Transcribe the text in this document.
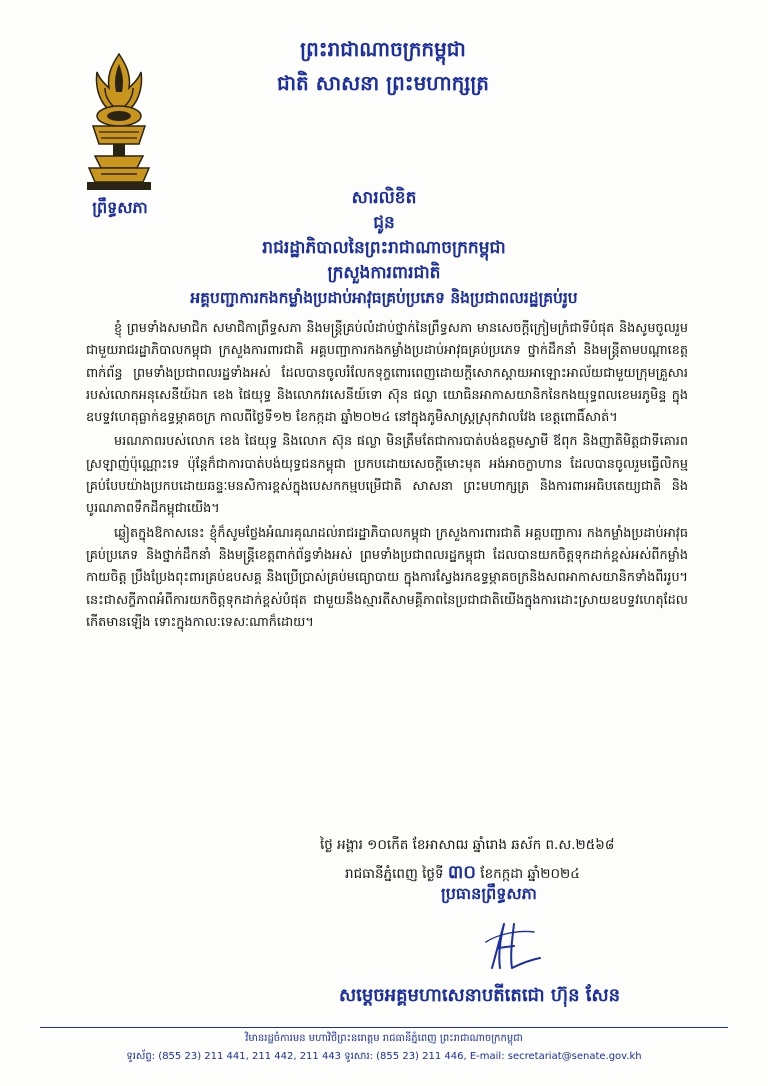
ព្រឹទ្ធសភា
ព្រះរាជាណាចក្រកម្ពុជា
ជាតិ សាសនា ព្រះមហាក្សត្រ
សារលិខិត
ជូន
រាជរដ្ឋាភិបាលនៃព្រះរាជាណាចក្រកម្ពុជា
ក្រសួងការពារជាតិ
អគ្គបញ្ជាការកងកម្លាំងប្រដាប់អាវុធគ្រប់ប្រភេទ និងប្រជាពលរដ្ឋគ្រប់រូប

ខ្ញុំ ព្រមទាំងសមាជិក សមាជិកាព្រឹទ្ធសភា និងមន្ត្រីគ្រប់លំដាប់ថ្នាក់នៃព្រឹទ្ធសភា មានសេចក្តីក្រៀមក្រំជាទីបំផុត និងសូមចូលរួមជាមួយរាជរដ្ឋាភិបាលកម្ពុជា ក្រសួងការពារជាតិ អគ្គបញ្ជាការកងកម្លាំងប្រដាប់អាវុធគ្រប់ប្រភេទ ថ្នាក់ដឹកនាំ និងមន្ត្រីតាមបណ្តាខេត្តពាក់ព័ន្ធ ព្រមទាំងប្រជាពលរដ្ឋទាំងអស់ ដែលបានចូលរំលែកទុក្ខពោរពេញដោយក្តីសោកស្តាយអាឡោះអាល័យជាមួយក្រុមគ្រួសាររបស់លោកអនុសេនីយ៍ឯក ខេង ផៃយុទ្ធ និងលោកវរសេនីយ៍ទោ ស៊ុន ផល្លា យោធិនអាកាសយានិកនៃកងយុទ្ធពលខេមរភូមិន្ទ ក្នុងឧបទ្ទវហេតុធ្លាក់ឧទ្ធម្ភាគចក្រ កាលពីថ្ងៃទី១២ ខែកក្កដា ឆ្នាំ២០២៤ នៅក្នុងភូមិសាស្រ្តស្រុកវាលវែង ខេត្តពោធិ៍សាត់។

មរណភាពរបស់លោក ខេង ផៃយុទ្ធ និងលោក ស៊ុន ផល្លា មិនត្រឹមតែជាការបាត់បង់ឧត្តមស្វាមី ឪពុក និងញាតិមិត្តជាទីគោរពស្រឡាញ់ប៉ុណ្ណោះទេ ប៉ុន្តែក៏ជាការបាត់បង់យុទ្ធជនកម្ពុជា ប្រកបដោយសេចក្តីមោះមុត អង់អាចក្លាហាន ដែលបានចូលរួមធ្វើលិកម្មគ្រប់បែបយ៉ាងប្រកបដោយឆន្ទៈមនសិការខ្ពស់ក្នុងបេសកកម្មបម្រើជាតិ សាសនា ព្រះមហាក្សត្រ និងការពារអធិបតេយ្យជាតិ និងបូរណភាពទឹកដីកម្ពុជាយើង។

ឆ្លៀតក្នុងឱកាសនេះ ខ្ញុំក៏សូមថ្លែងអំណរគុណដល់រាជរដ្ឋាភិបាលកម្ពុជា ក្រសួងការពារជាតិ អគ្គបញ្ជាការ កងកម្លាំងប្រដាប់អាវុធគ្រប់ប្រភេទ និងថ្នាក់ដឹកនាំ និងមន្ត្រីខេត្តពាក់ព័ន្ធទាំងអស់ ព្រមទាំងប្រជាពលរដ្ឋកម្ពុជា ដែលបានយកចិត្តទុកដាក់ខ្ពស់អស់ពីកម្លាំងកាយចិត្ត ប្រឹងប្រែងពុះពារគ្រប់ឧបសគ្គ និងប្រើប្រាស់គ្រប់មធ្យោបាយ ក្នុងការស្វែងរកឧទ្ធម្ភាគចក្រនិងសពអាកាសយានិកទាំងពីររូប។ នេះជាសក្ខីភាពអំពីការយកចិត្តទុកដាក់ខ្ពស់បំផុត ជាមួយនឹងស្មារតីសាមគ្គីភាពនៃប្រជាជាតិយើងក្នុងការដោះស្រាយឧបទ្ទវហេតុដែលកើតមានឡើង ទោះក្នុងកាលៈទេសៈណាក៏ដោយ។

ថ្ងៃ អង្គារ ១០កើត ខែអាសាឍ ឆ្នាំរោង ឆស័ក ព.ស.២៥៦៨
រាជធានីភ្នំពេញ ថ្ងៃទី ៣០ ខែកក្កដា ឆ្នាំ២០២៤
ប្រធានព្រឹទ្ធសភា
សម្តេចអគ្គមហាសេនាបតីតេជោ ហ៊ុន សែន
វិមានរដ្ឋចំការមន មហាវិថីព្រះនរោត្តម រាជធានីភ្នំពេញ ព្រះរាជាណាចក្រកម្ពុជា
ទូរស័ព្ទ: (855 23) 211 441, 211 442, 211 443 ទូរសារ: (855 23) 211 446, E-mail: secretariat@senate.gov.kh
